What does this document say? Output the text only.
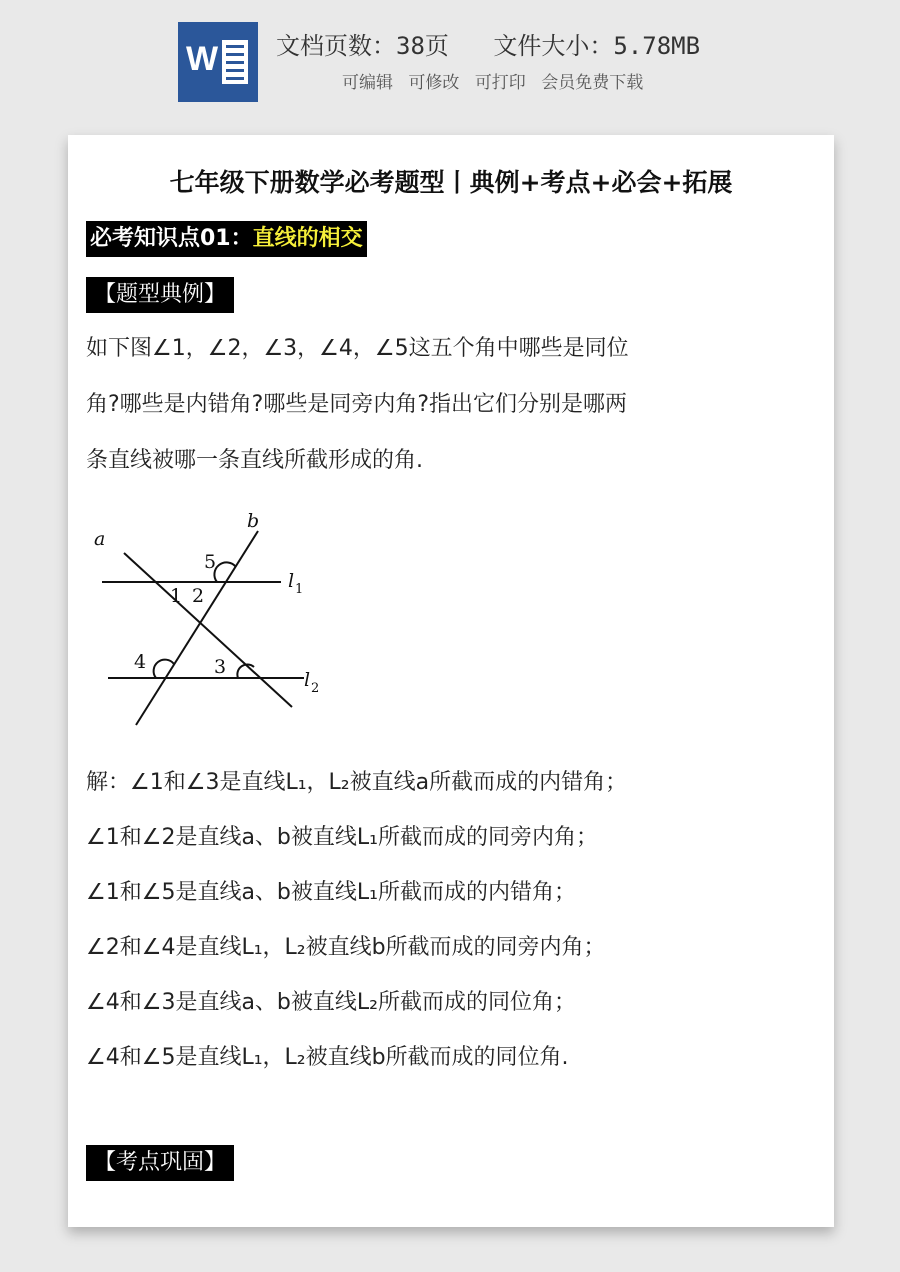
W 文档页数：38页 文件大小：5.78MB
可编辑 可修改 可打印 会员免费下载
七年级下册数学必考题型丨典例+考点+必会+拓展
必考知识点01：直线的相交
【题型典例】

如下图∠1，∠2，∠3，∠4，∠5这五个角中哪些是同位

角?哪些是内错角?哪些是同旁内角?指出它们分别是哪两

条直线被哪一条直线所截形成的角.

a
b
5
1 2
4	3
l 1
l 2

解：∠1和∠3是直线L₁，L₂被直线a所截而成的内错角；

∠1和∠2是直线a、b被直线L₁所截而成的同旁内角；

∠1和∠5是直线a、b被直线L₁所截而成的内错角；

∠2和∠4是直线L₁，L₂被直线b所截而成的同旁内角；

∠4和∠3是直线a、b被直线L₂所截而成的同位角；

∠4和∠5是直线L₁，L₂被直线b所截而成的同位角.

【考点巩固】
